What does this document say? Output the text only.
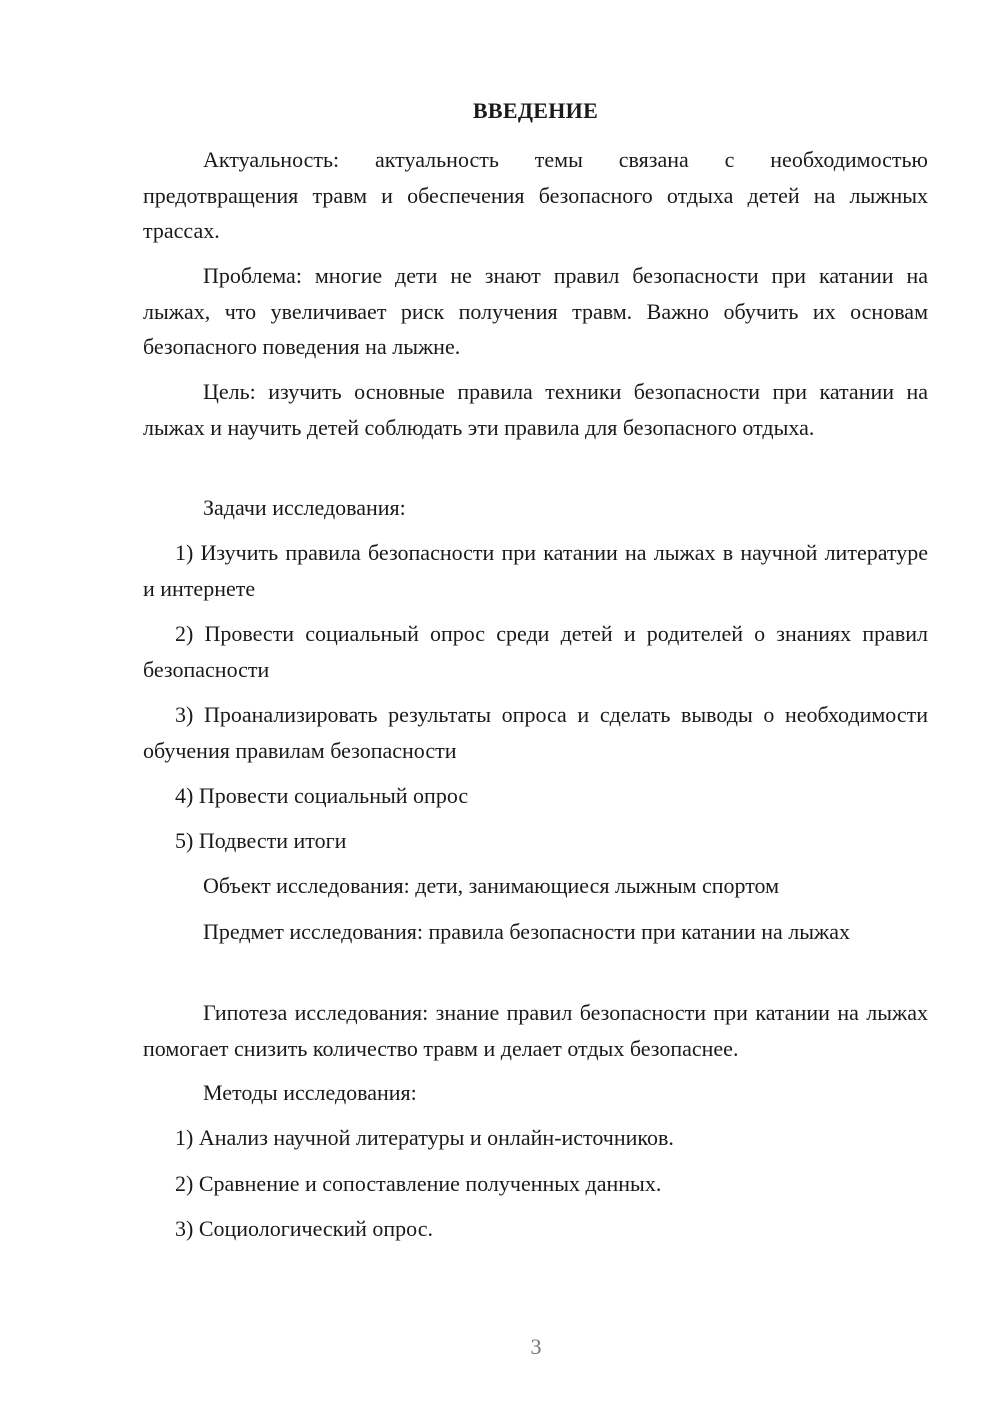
ВВЕДЕНИЕ

Актуальность: актуальность темы связана с необходимостью предотвращения травм и обеспечения безопасного отдыха детей на лыжных трассах.

Проблема: многие дети не знают правил безопасности при катании на лыжах, что увеличивает риск получения травм. Важно обучить их основам безопасного поведения на лыжне.

Цель: изучить основные правила техники безопасности при катании на лыжах и научить детей соблюдать эти правила для безопасного отдыха.

Задачи исследования:

1) Изучить правила безопасности при катании на лыжах в научной литературе и интернете

2) Провести социальный опрос среди детей и родителей о знаниях правил безопасности

3) Проанализировать результаты опроса и сделать выводы о необходимости обучения правилам безопасности

4) Провести социальный опрос

5) Подвести итоги

Объект исследования: дети, занимающиеся лыжным спортом

Предмет исследования: правила безопасности при катании на лыжах

Гипотеза исследования: знание правил безопасности при катании на лыжах помогает снизить количество травм и делает отдых безопаснее.

Методы исследования:

1) Анализ научной литературы и онлайн-источников.

2) Сравнение и сопоставление полученных данных.

3) Социологический опрос.

3
